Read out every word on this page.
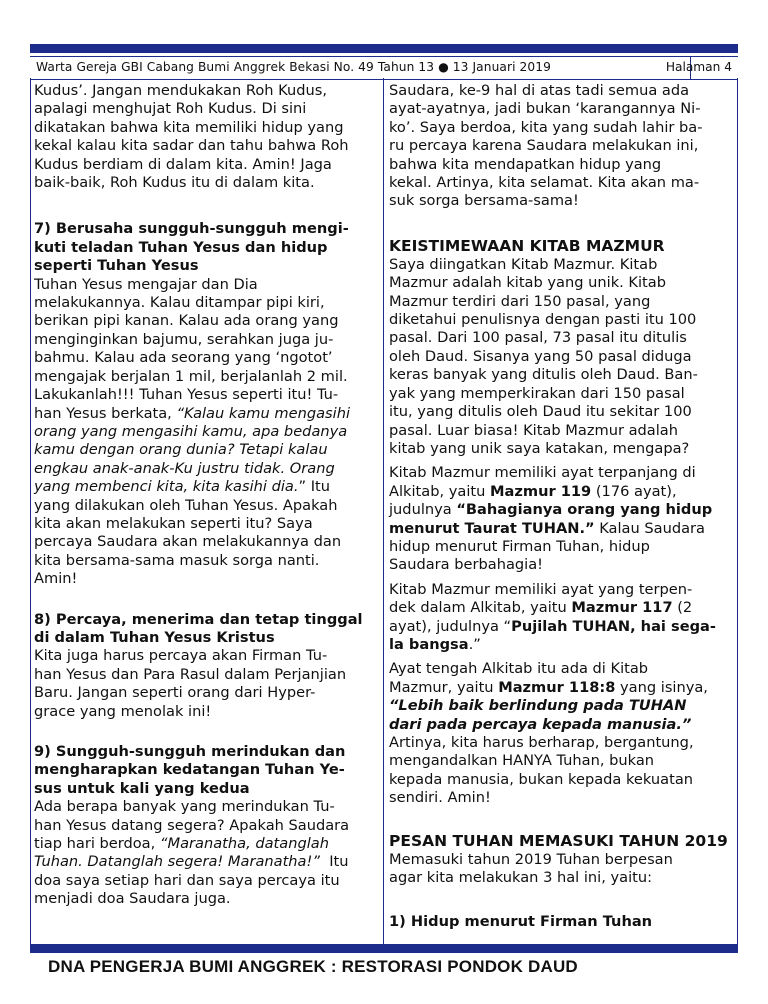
Warta Gereja GBI Cabang Bumi Anggrek Bekasi No. 49 Tahun 13 ● 13 Januari 2019	Halaman 4

Kudus’. Jangan mendukakan Roh Kudus,

apalagi menghujat Roh Kudus. Di sini

dikatakan bahwa kita memiliki hidup yang

kekal kalau kita sadar dan tahu bahwa Roh

Kudus berdiam di dalam kita. Amin! Jaga

baik-baik, Roh Kudus itu di dalam kita.

7) Berusaha sungguh-sungguh mengi-
kuti teladan Tuhan Yesus dan hidup
seperti Tuhan Yesus

Tuhan Yesus mengajar dan Dia

melakukannya. Kalau ditampar pipi kiri,

berikan pipi kanan. Kalau ada orang yang

menginginkan bajumu, serahkan juga ju-

bahmu. Kalau ada seorang yang ‘ngotot’

mengajak berjalan 1 mil, berjalanlah 2 mil.

Lakukanlah!!! Tuhan Yesus seperti itu! Tu-

han Yesus berkata, “Kalau kamu mengasihi

orang yang mengasihi kamu, apa bedanya

kamu dengan orang dunia? Tetapi kalau

engkau anak-anak-Ku justru tidak. Orang

yang membenci kita, kita kasihi dia.” Itu

yang dilakukan oleh Tuhan Yesus. Apakah

kita akan melakukan seperti itu? Saya

percaya Saudara akan melakukannya dan

kita bersama-sama masuk sorga nanti.

Amin!

8) Percaya, menerima dan tetap tinggal
di dalam Tuhan Yesus Kristus

Kita juga harus percaya akan Firman Tu-

han Yesus dan Para Rasul dalam Perjanjian

Baru. Jangan seperti orang dari Hyper-

grace yang menolak ini!

9) Sungguh-sungguh merindukan dan
mengharapkan kedatangan Tuhan Ye-
sus untuk kali yang kedua

Ada berapa banyak yang merindukan Tu-

han Yesus datang segera? Apakah Saudara

tiap hari berdoa, “Maranatha, datanglah

Tuhan. Datanglah segera! Maranatha!”  Itu

doa saya setiap hari dan saya percaya itu

menjadi doa Saudara juga.

Saudara, ke-9 hal di atas tadi semua ada

ayat-ayatnya, jadi bukan ‘karangannya Ni-

ko’. Saya berdoa, kita yang sudah lahir ba-

ru percaya karena Saudara melakukan ini,

bahwa kita mendapatkan hidup yang

kekal. Artinya, kita selamat. Kita akan ma-

suk sorga bersama-sama!

KEISTIMEWAAN KITAB MAZMUR

Saya diingatkan Kitab Mazmur. Kitab

Mazmur adalah kitab yang unik. Kitab

Mazmur terdiri dari 150 pasal, yang

diketahui penulisnya dengan pasti itu 100

pasal. Dari 100 pasal, 73 pasal itu ditulis

oleh Daud. Sisanya yang 50 pasal diduga

keras banyak yang ditulis oleh Daud. Ban-

yak yang memperkirakan dari 150 pasal

itu, yang ditulis oleh Daud itu sekitar 100

pasal. Luar biasa! Kitab Mazmur adalah

kitab yang unik saya katakan, mengapa?

Kitab Mazmur memiliki ayat terpanjang di

Alkitab, yaitu Mazmur 119 (176 ayat),

judulnya “Bahagianya orang yang hidup

menurut Taurat TUHAN.” Kalau Saudara

hidup menurut Firman Tuhan, hidup

Saudara berbahagia!

Kitab Mazmur memiliki ayat yang terpen-

dek dalam Alkitab, yaitu Mazmur 117 (2

ayat), judulnya “Pujilah TUHAN, hai sega-

la bangsa.”

Ayat tengah Alkitab itu ada di Kitab

Mazmur, yaitu Mazmur 118:8 yang isinya,

“Lebih baik berlindung pada TUHAN

dari pada percaya kepada manusia.”

Artinya, kita harus berharap, bergantung,

mengandalkan HANYA Tuhan, bukan

kepada manusia, bukan kepada kekuatan

sendiri. Amin!

PESAN TUHAN MEMASUKI TAHUN 2019

Memasuki tahun 2019 Tuhan berpesan

agar kita melakukan 3 hal ini, yaitu:

1) Hidup menurut Firman Tuhan
DNA PENGERJA BUMI ANGGREK : RESTORASI PONDOK DAUD
